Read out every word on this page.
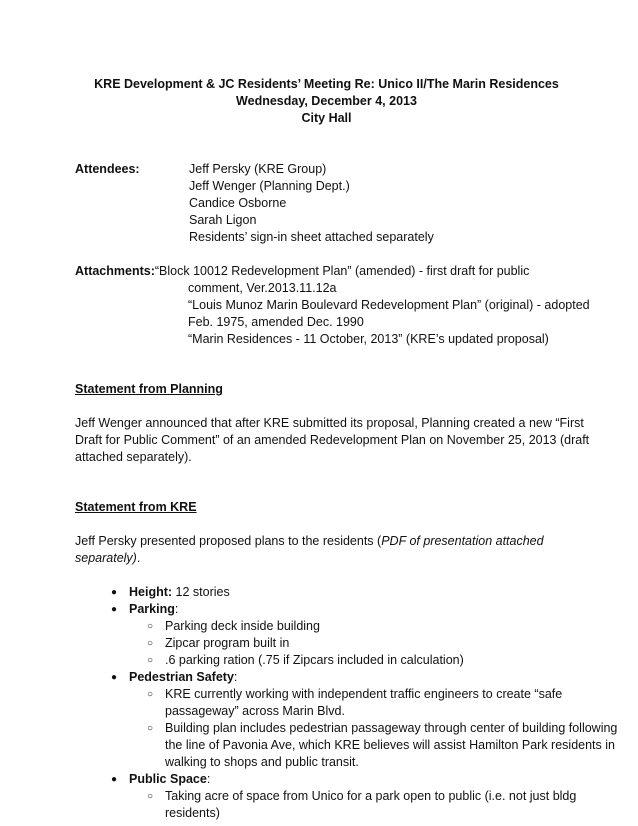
KRE Development & JC Residents’ Meeting Re: Unico II/The Marin Residences
Wednesday, December 4, 2013
City Hall
Attendees:	Jeff Persky (KRE Group)
Jeff Wenger (Planning Dept.)
Candice Osborne
Sarah Ligon
Residents’ sign-in sheet attached separately
Attachments:“Block 10012 Redevelopment Plan” (amended) - first draft for public
comment, Ver.2013.11.12a
“Louis Munoz Marin Boulevard Redevelopment Plan” (original) - adopted
Feb. 1975, amended Dec. 1990
“Marin Residences - 11 October, 2013” (KRE’s updated proposal)
Statement from Planning

Jeff Wenger announced that after KRE submitted its proposal, Planning created a new “First
Draft for Public Comment” of an amended Redevelopment Plan on November 25, 2013 (draft
attached separately).

Statement from KRE

Jeff Persky presented proposed plans to the residents (PDF of presentation attached
separately).

● Height: 12 stories
● Parking:
○ Parking deck inside building
○ Zipcar program built in
○ .6 parking ration (.75 if Zipcars included in calculation)
● Pedestrian Safety:
○ KRE currently working with independent traffic engineers to create “safe
passageway” across Marin Blvd.
○ Building plan includes pedestrian passageway through center of building following
the line of Pavonia Ave, which KRE believes will assist Hamilton Park residents in
walking to shops and public transit.
● Public Space:
○ Taking acre of space from Unico for a park open to public (i.e. not just bldg
residents)
